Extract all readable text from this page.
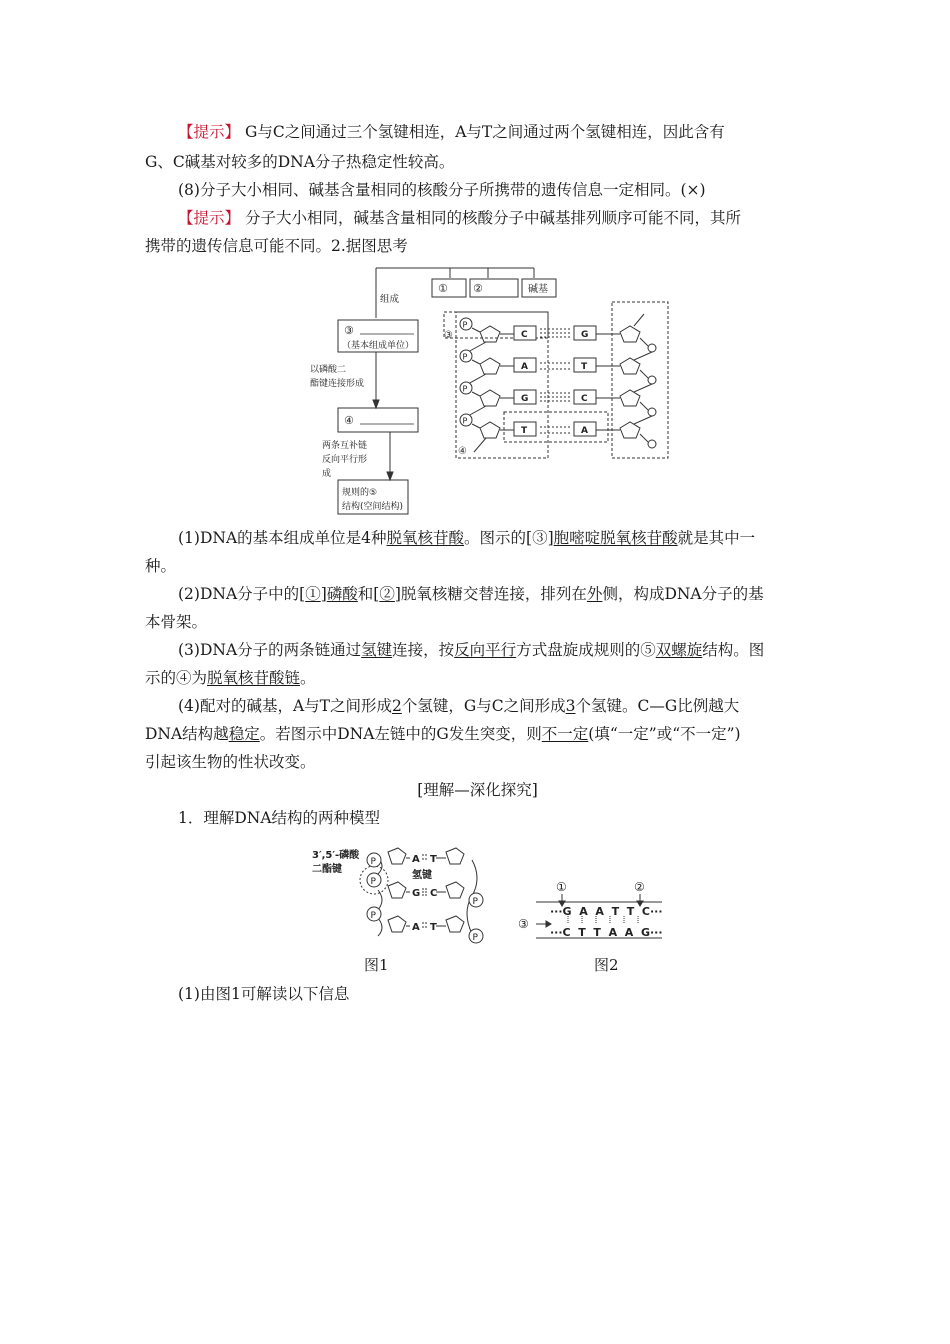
【提示】 G与C之间通过三个氢键相连，A与T之间通过两个氢键相连，因此含有
G、C碱基对较多的DNA分子热稳定性较高。
(8)分子大小相同、碱基含量相同的核酸分子所携带的遗传信息一定相同。(×)
【提示】 分子大小相同，碱基含量相同的核酸分子中碱基排列顺序可能不同，其所
携带的遗传信息可能不同。2.据图思考
① ②	碱基
组成
③
（基本组成单位）
以磷酸二
酯键连接形成
④
两条互补链
反向平行形
成
规则的⑤
结构(空间结构)
③
④
P
C	G
P
A	T
P
G	C
P
T	A
(1)DNA的基本组成单位是4种脱氧核苷酸。图示的[③]胞嘧啶脱氧核苷酸就是其中一
种。
(2)DNA分子中的[①]磷酸和[②]脱氧核糖交替连接，排列在外侧，构成DNA分子的基
本骨架。
(3)DNA分子的两条链通过氢键连接，按反向平行方式盘旋成规则的⑤双螺旋结构。图
示的④为脱氧核苷酸链。
(4)配对的碱基，A与T之间形成2个氢键，G与C之间形成3个氢键。C—G比例越大
DNA结构越稳定。若图示中DNA左链中的G发生突变，则不一定(填“一定”或“不一定”)
引起该生物的性状改变。
[理解—深化探究]
1．理解DNA结构的两种模型
P
P
P
P
P
3′,5′-磷酸
二酯键
氢键
A T
G C
A T
图1
①	②
③
···G  A  A  T  T  C···
···C  T  T  A  A  G···
图2
(1)由图1可解读以下信息
